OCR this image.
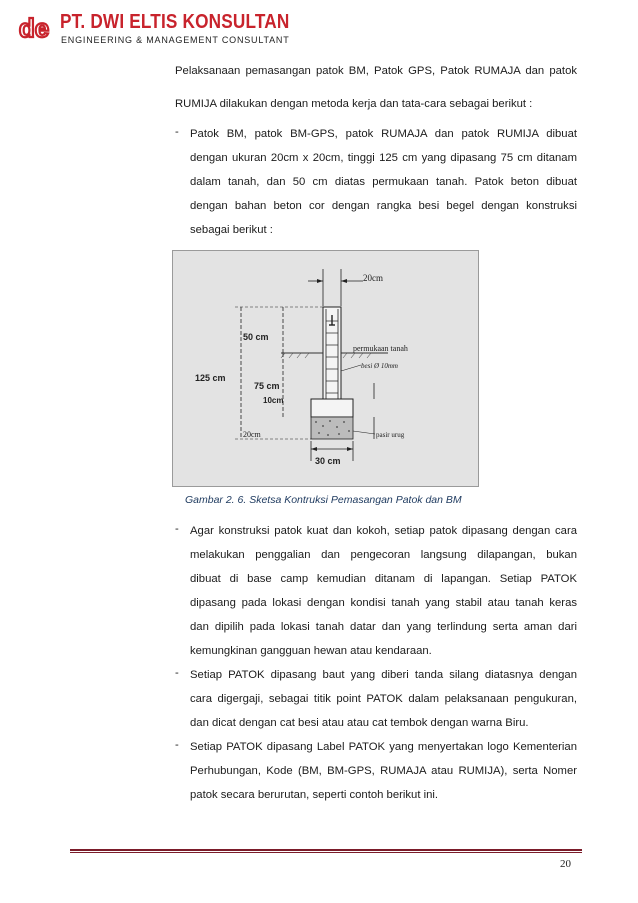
de PT. DWI ELTIS KONSULTAN
ENGINEERING & MANAGEMENT CONSULTANT
Pelaksanaan pemasangan patok BM, Patok GPS, Patok RUMAJA dan patok
RUMIJA dilakukan dengan metoda kerja dan tata-cara sebagai berikut :
- Patok BM, patok BM-GPS, patok RUMAJA dan patok RUMIJA dibuat
dengan ukuran 20cm x 20cm, tinggi 125 cm yang dipasang 75 cm ditanam
dalam tanah, dan 50 cm diatas permukaan tanah. Patok beton dibuat
dengan bahan beton cor dengan rangka besi begel dengan konstruksi
sebagai berikut :
20cm
30 cm
50 cm
125 cm
75 cm
10cm
20cm
permukaan tanah
besi Ø 10mm
pasir urug
Gambar 2. 6. Sketsa Kontruksi Pemasangan Patok dan BM
- Agar konstruksi patok kuat dan kokoh, setiap patok dipasang dengan cara
melakukan penggalian dan pengecoran langsung dilapangan, bukan
dibuat di base camp kemudian ditanam di lapangan. Setiap PATOK
dipasang pada lokasi dengan kondisi tanah yang stabil atau tanah keras
dan dipilih pada lokasi tanah datar dan yang terlindung serta aman dari
kemungkinan gangguan hewan atau kendaraan.
- Setiap PATOK dipasang baut yang diberi tanda silang diatasnya dengan
cara digergaji, sebagai titik point PATOK dalam pelaksanaan pengukuran,
dan dicat dengan cat besi atau atau cat tembok dengan warna Biru.
- Setiap PATOK dipasang Label PATOK yang menyertakan logo Kementerian
Perhubungan, Kode (BM, BM-GPS, RUMAJA atau RUMIJA), serta Nomer
patok secara berurutan, seperti contoh berikut ini.
20
